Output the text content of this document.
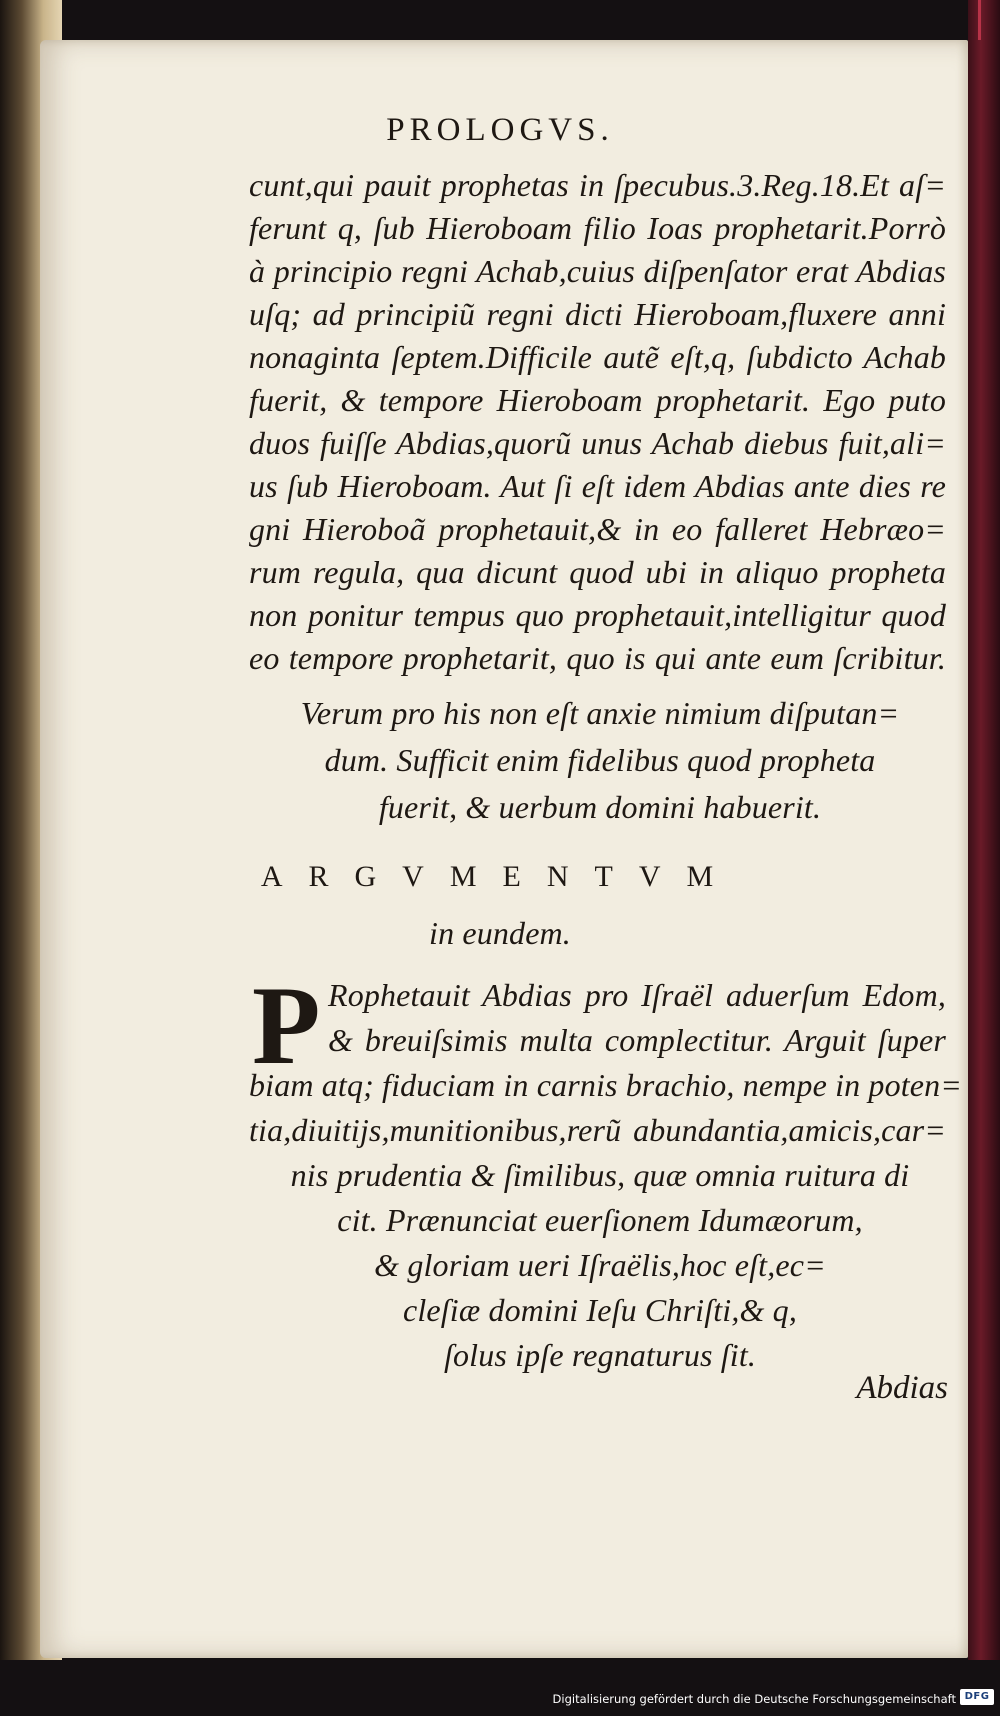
PROLOGVS.

cunt,qui pauit prophetas in ſpecubus.3.Reg.18.Et aſ=

ferunt q, ſub Hieroboam filio Ioas prophetarit.Porrò

à principio regni Achab,cuius diſpenſator erat Abdias

uſq; ad principiũ regni dicti Hieroboam,fluxere anni

nonaginta ſeptem.Difficile autẽ eſt,q, ſubdicto Achab

fuerit, & tempore Hieroboam prophetarit. Ego puto

duos fuiſſe Abdias,quorũ unus Achab diebus fuit,ali=

us ſub Hieroboam. Aut ſi eſt idem Abdias ante dies re

gni Hieroboã prophetauit,& in eo falleret Hebræo=

rum regula, qua dicunt quod ubi in aliquo propheta

non ponitur tempus quo prophetauit,intelligitur quod

eo tempore prophetarit, quo is qui ante eum ſcribitur.

Verum pro his non eſt anxie nimium diſputan=

dum. Sufficit enim fidelibus quod propheta

fuerit, & uerbum domini habuerit.

ARGVMENTVM

in eundem.

P Rophetauit Abdias pro Iſraël aduerſum Edom,

& breuiſsimis multa complectitur. Arguit ſuper

biam atq; fiduciam in carnis brachio, nempe in poten=

tia,diuitijs,munitionibus,rerũ abundantia,amicis,car=

nis prudentia & ſimilibus, quæ omnia ruitura di

cit. Prænunciat euerſionem Idumæorum,

& gloriam ueri Iſraëlis,hoc eſt,ec=

cleſiæ domini Ieſu Chriſti,& q,

ſolus ipſe regnaturus ſit.

Abdias

Digitalisierung gefördert durch die Deutsche Forschungsgemeinschaft DFG
